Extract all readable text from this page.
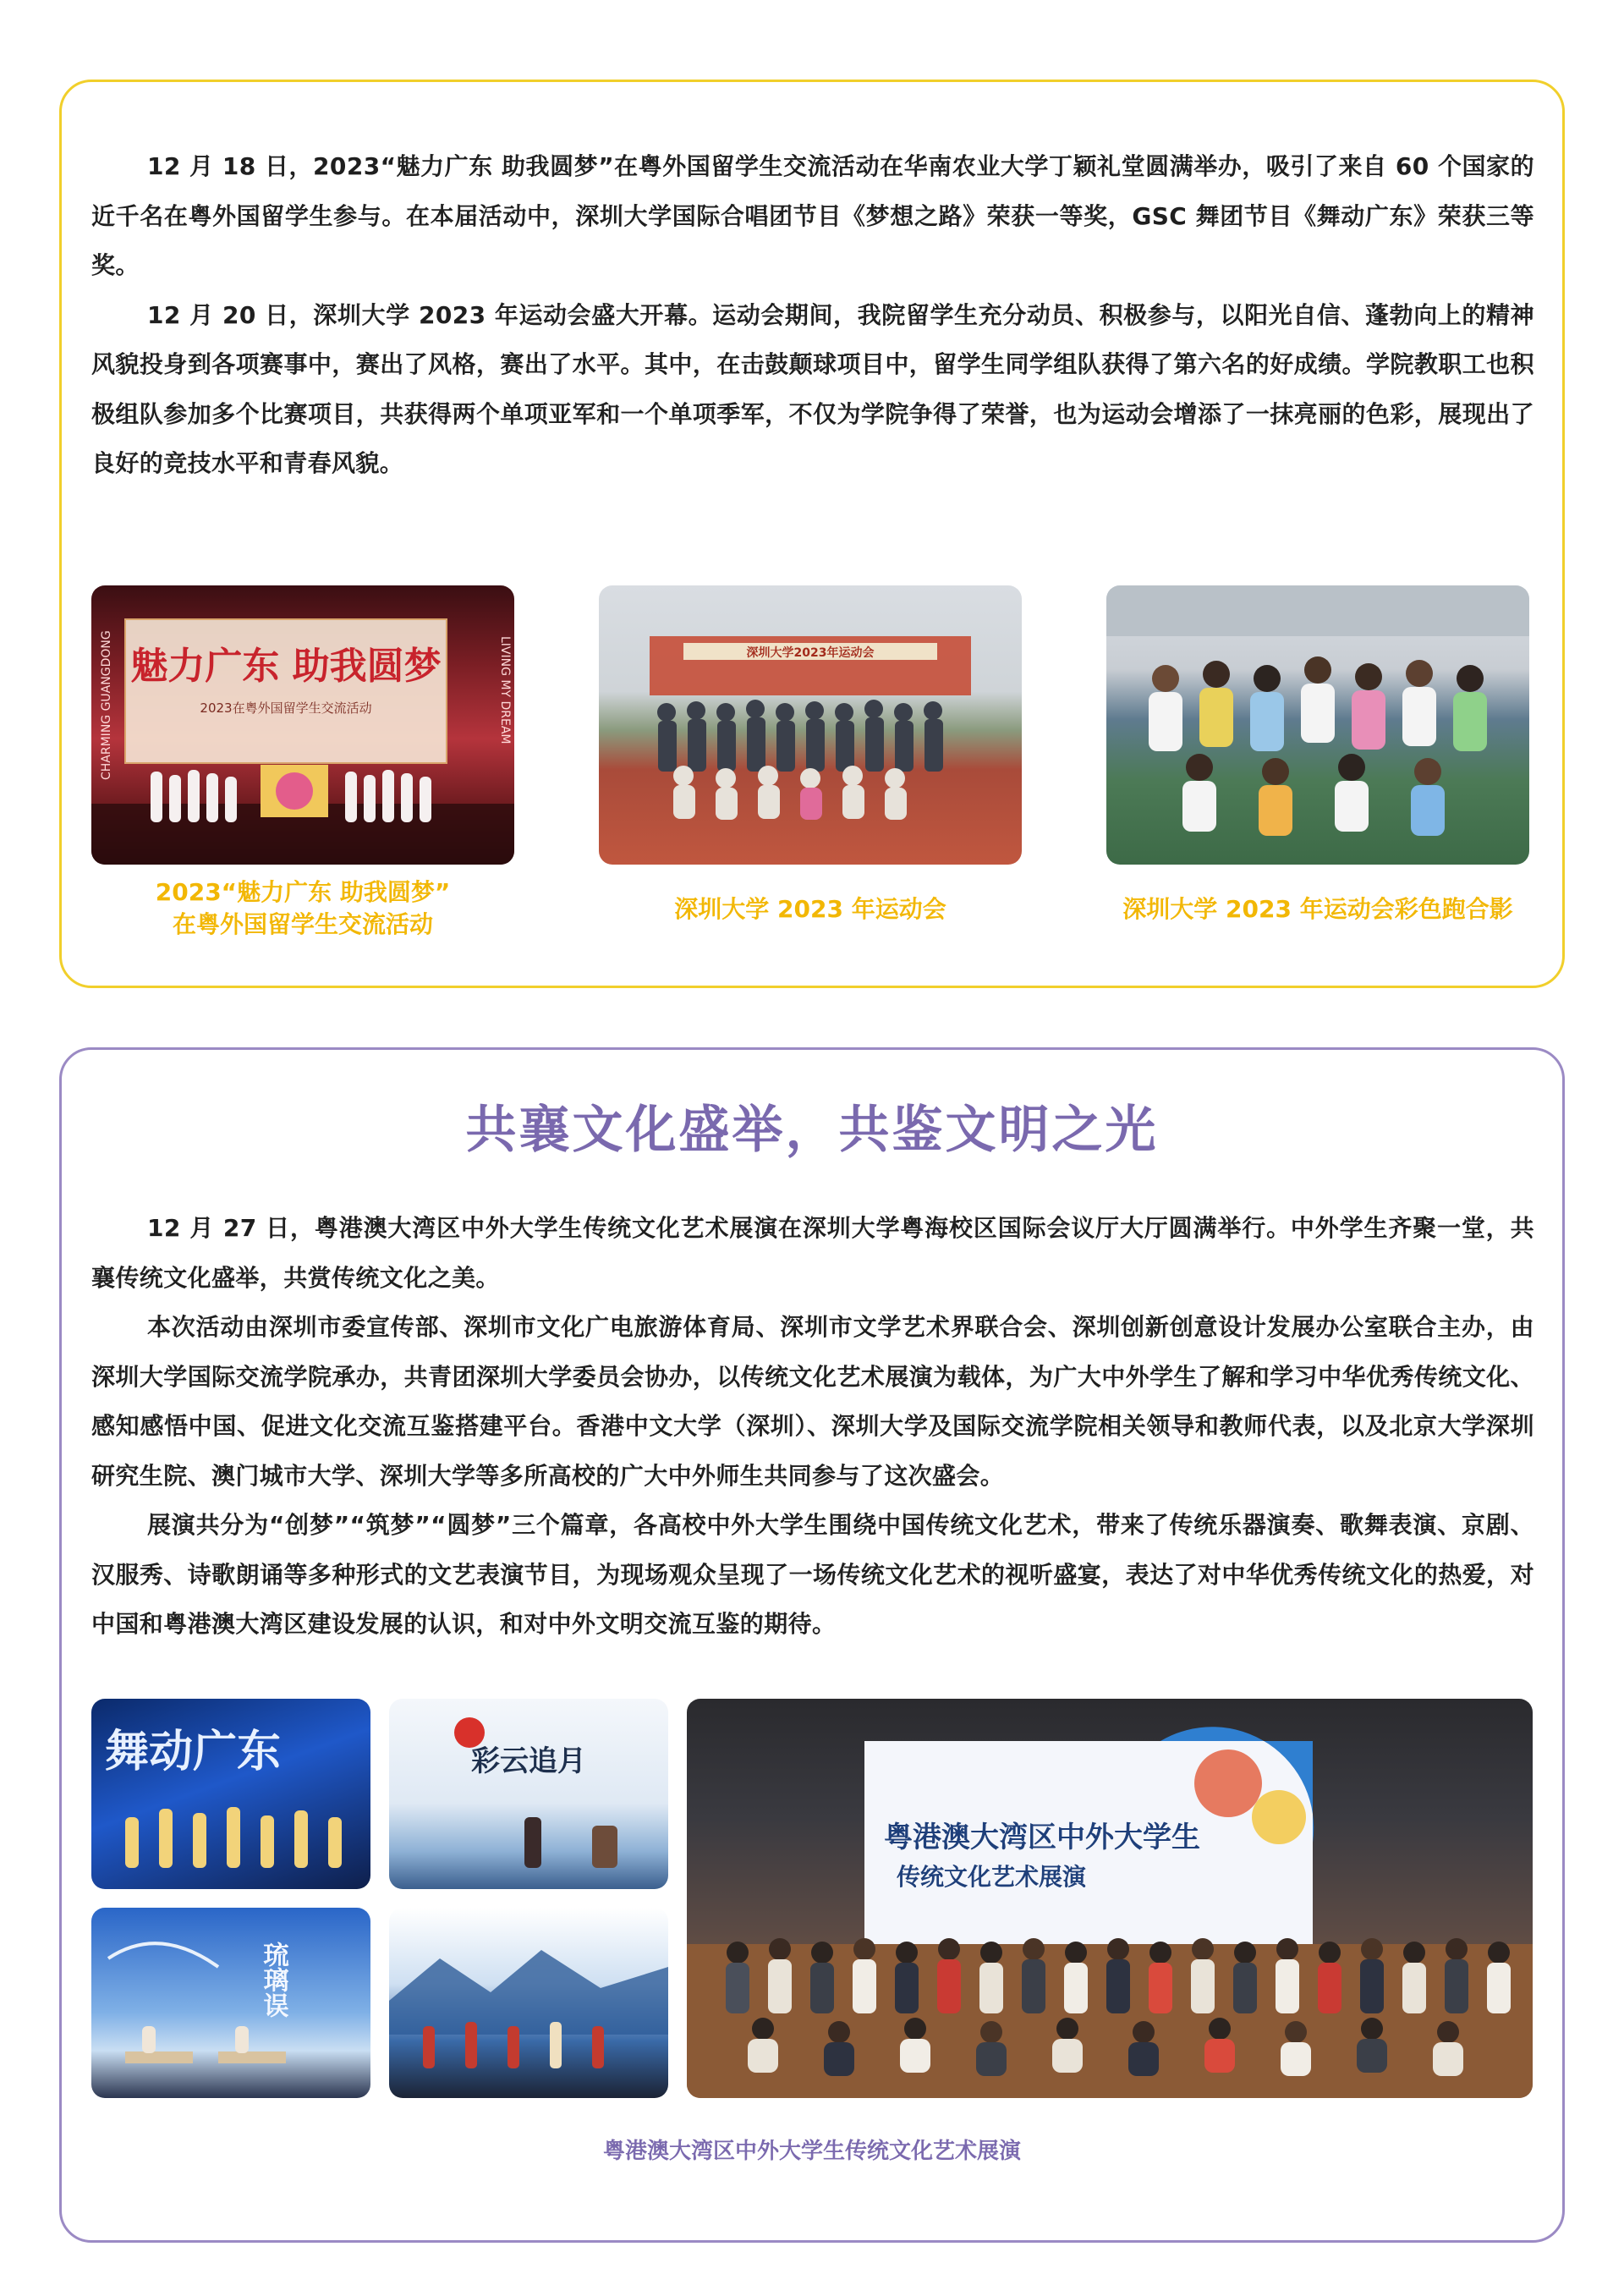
12 月 18 日，2023“魅力广东 助我圆梦”在粤外国留学生交流活动在华南农业大学丁颖礼堂圆满举办，吸引了来自 60 个国家的近千名在粤外国留学生参与。在本届活动中，深圳大学国际合唱团节目《梦想之路》荣获一等奖，GSC 舞团节目《舞动广东》荣获三等奖。

12 月 20 日，深圳大学 2023 年运动会盛大开幕。运动会期间，我院留学生充分动员、积极参与，以阳光自信、蓬勃向上的精神风貌投身到各项赛事中，赛出了风格，赛出了水平。其中，在击鼓颠球项目中，留学生同学组队获得了第六名的好成绩。学院教职工也积极组队参加多个比赛项目，共获得两个单项亚军和一个单项季军，不仅为学院争得了荣誉，也为运动会增添了一抹亮丽的色彩，展现出了良好的竞技水平和青春风貌。

魅力广东 助我圆梦
2023在粤外国留学生交流活动
CHARMING GUANGDONG	LIVING MY DREAM
2023“魅力广东 助我圆梦”
在粤外国留学生交流活动
深圳大学2023年运动会
深圳大学 2023 年运动会	深圳大学 2023 年运动会彩色跑合影
共襄文化盛举，共鉴文明之光

12 月 27 日，粤港澳大湾区中外大学生传统文化艺术展演在深圳大学粤海校区国际会议厅大厅圆满举行。中外学生齐聚一堂，共襄传统文化盛举，共赏传统文化之美。

本次活动由深圳市委宣传部、深圳市文化广电旅游体育局、深圳市文学艺术界联合会、深圳创新创意设计发展办公室联合主办，由深圳大学国际交流学院承办，共青团深圳大学委员会协办，以传统文化艺术展演为载体，为广大中外学生了解和学习中华优秀传统文化、感知感悟中国、促进文化交流互鉴搭建平台。香港中文大学（深圳）、深圳大学及国际交流学院相关领导和教师代表，以及北京大学深圳研究生院、澳门城市大学、深圳大学等多所高校的广大中外师生共同参与了这次盛会。

展演共分为“创梦”“筑梦”“圆梦”三个篇章，各高校中外大学生围绕中国传统文化艺术，带来了传统乐器演奏、歌舞表演、京剧、汉服秀、诗歌朗诵等多种形式的文艺表演节目，为现场观众呈现了一场传统文化艺术的视听盛宴，表达了对中华优秀传统文化的热爱，对中国和粤港澳大湾区建设发展的认识，和对中外文明交流互鉴的期待。

舞动广东	彩云追月
琉璃误
粤港澳大湾区中外大学生
传统文化艺术展演
粤港澳大湾区中外大学生传统文化艺术展演
